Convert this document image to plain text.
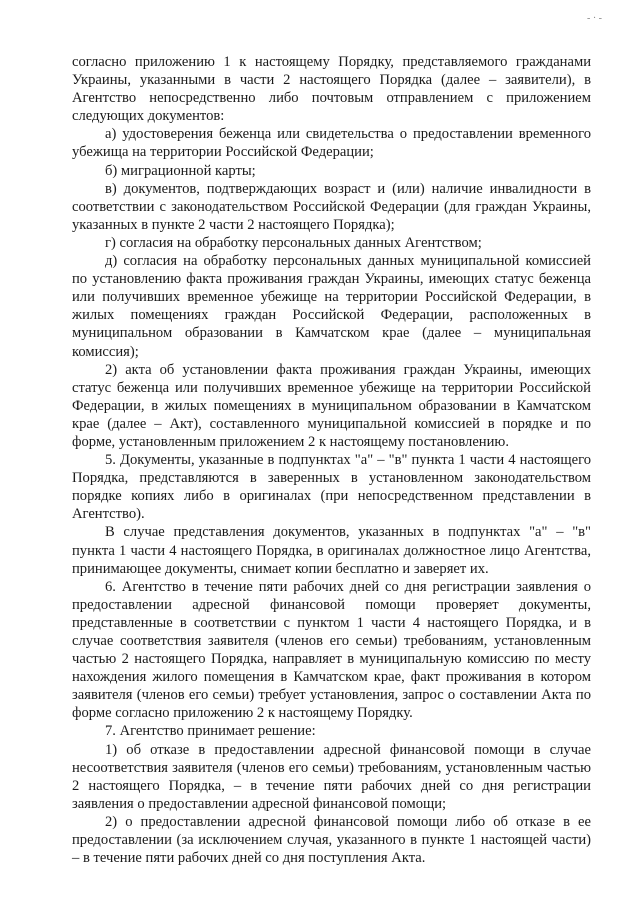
- · -

согласно приложению 1 к настоящему Порядку, представляемого гражданами Украины, указанными в части 2 настоящего Порядка (далее – заявители), в Агентство непосредственно либо почтовым отправлением с приложением следующих документов:

а) удостоверения беженца или свидетельства о предоставлении временного убежища на территории Российской Федерации;

б) миграционной карты;

в) документов, подтверждающих возраст и (или) наличие инвалидности в соответствии с законодательством Российской Федерации (для граждан Украины, указанных в пункте 2 части 2 настоящего Порядка);

г) согласия на обработку персональных данных Агентством;

д) согласия на обработку персональных данных муниципальной комиссией по установлению факта проживания граждан Украины, имеющих статус беженца или получивших временное убежище на территории Российской Федерации, в жилых помещениях граждан Российской Федерации, расположенных в муниципальном образовании в Камчатском крае (далее – муниципальная комиссия);

2) акта об установлении факта проживания граждан Украины, имеющих статус беженца или получивших временное убежище на территории Российской Федерации, в жилых помещениях в муниципальном образовании в Камчатском крае (далее – Акт), составленного муниципальной комиссией в порядке и по форме, установленным приложением 2 к настоящему постановлению.

5. Документы, указанные в подпунктах "а" – "в" пункта 1 части 4 настоящего Порядка, представляются в заверенных в установленном законодательством порядке копиях либо в оригиналах (при непосредственном представлении в Агентство).

В случае представления документов, указанных в подпунктах "а" – "в" пункта 1 части 4 настоящего Порядка, в оригиналах должностное лицо Агентства, принимающее документы, снимает копии бесплатно и заверяет их.

6. Агентство в течение пяти рабочих дней со дня регистрации заявления о предоставлении адресной финансовой помощи проверяет документы, представленные в соответствии с пунктом 1 части 4 настоящего Порядка, и в случае соответствия заявителя (членов его семьи) требованиям, установленным частью 2 настоящего Порядка, направляет в муниципальную комиссию по месту нахождения жилого помещения в Камчатском крае, факт проживания в котором заявителя (членов его семьи) требует установления, запрос о составлении Акта по форме согласно приложению 2 к настоящему Порядку.

7. Агентство принимает решение:

1) об отказе в предоставлении адресной финансовой помощи в случае несоответствия заявителя (членов его семьи) требованиям, установленным частью 2 настоящего Порядка, – в течение пяти рабочих дней со дня регистрации заявления о предоставлении адресной финансовой помощи;

2) о предоставлении адресной финансовой помощи либо об отказе в ее предоставлении (за исключением случая, указанного в пункте 1 настоящей части) – в течение пяти рабочих дней со дня поступления Акта.
